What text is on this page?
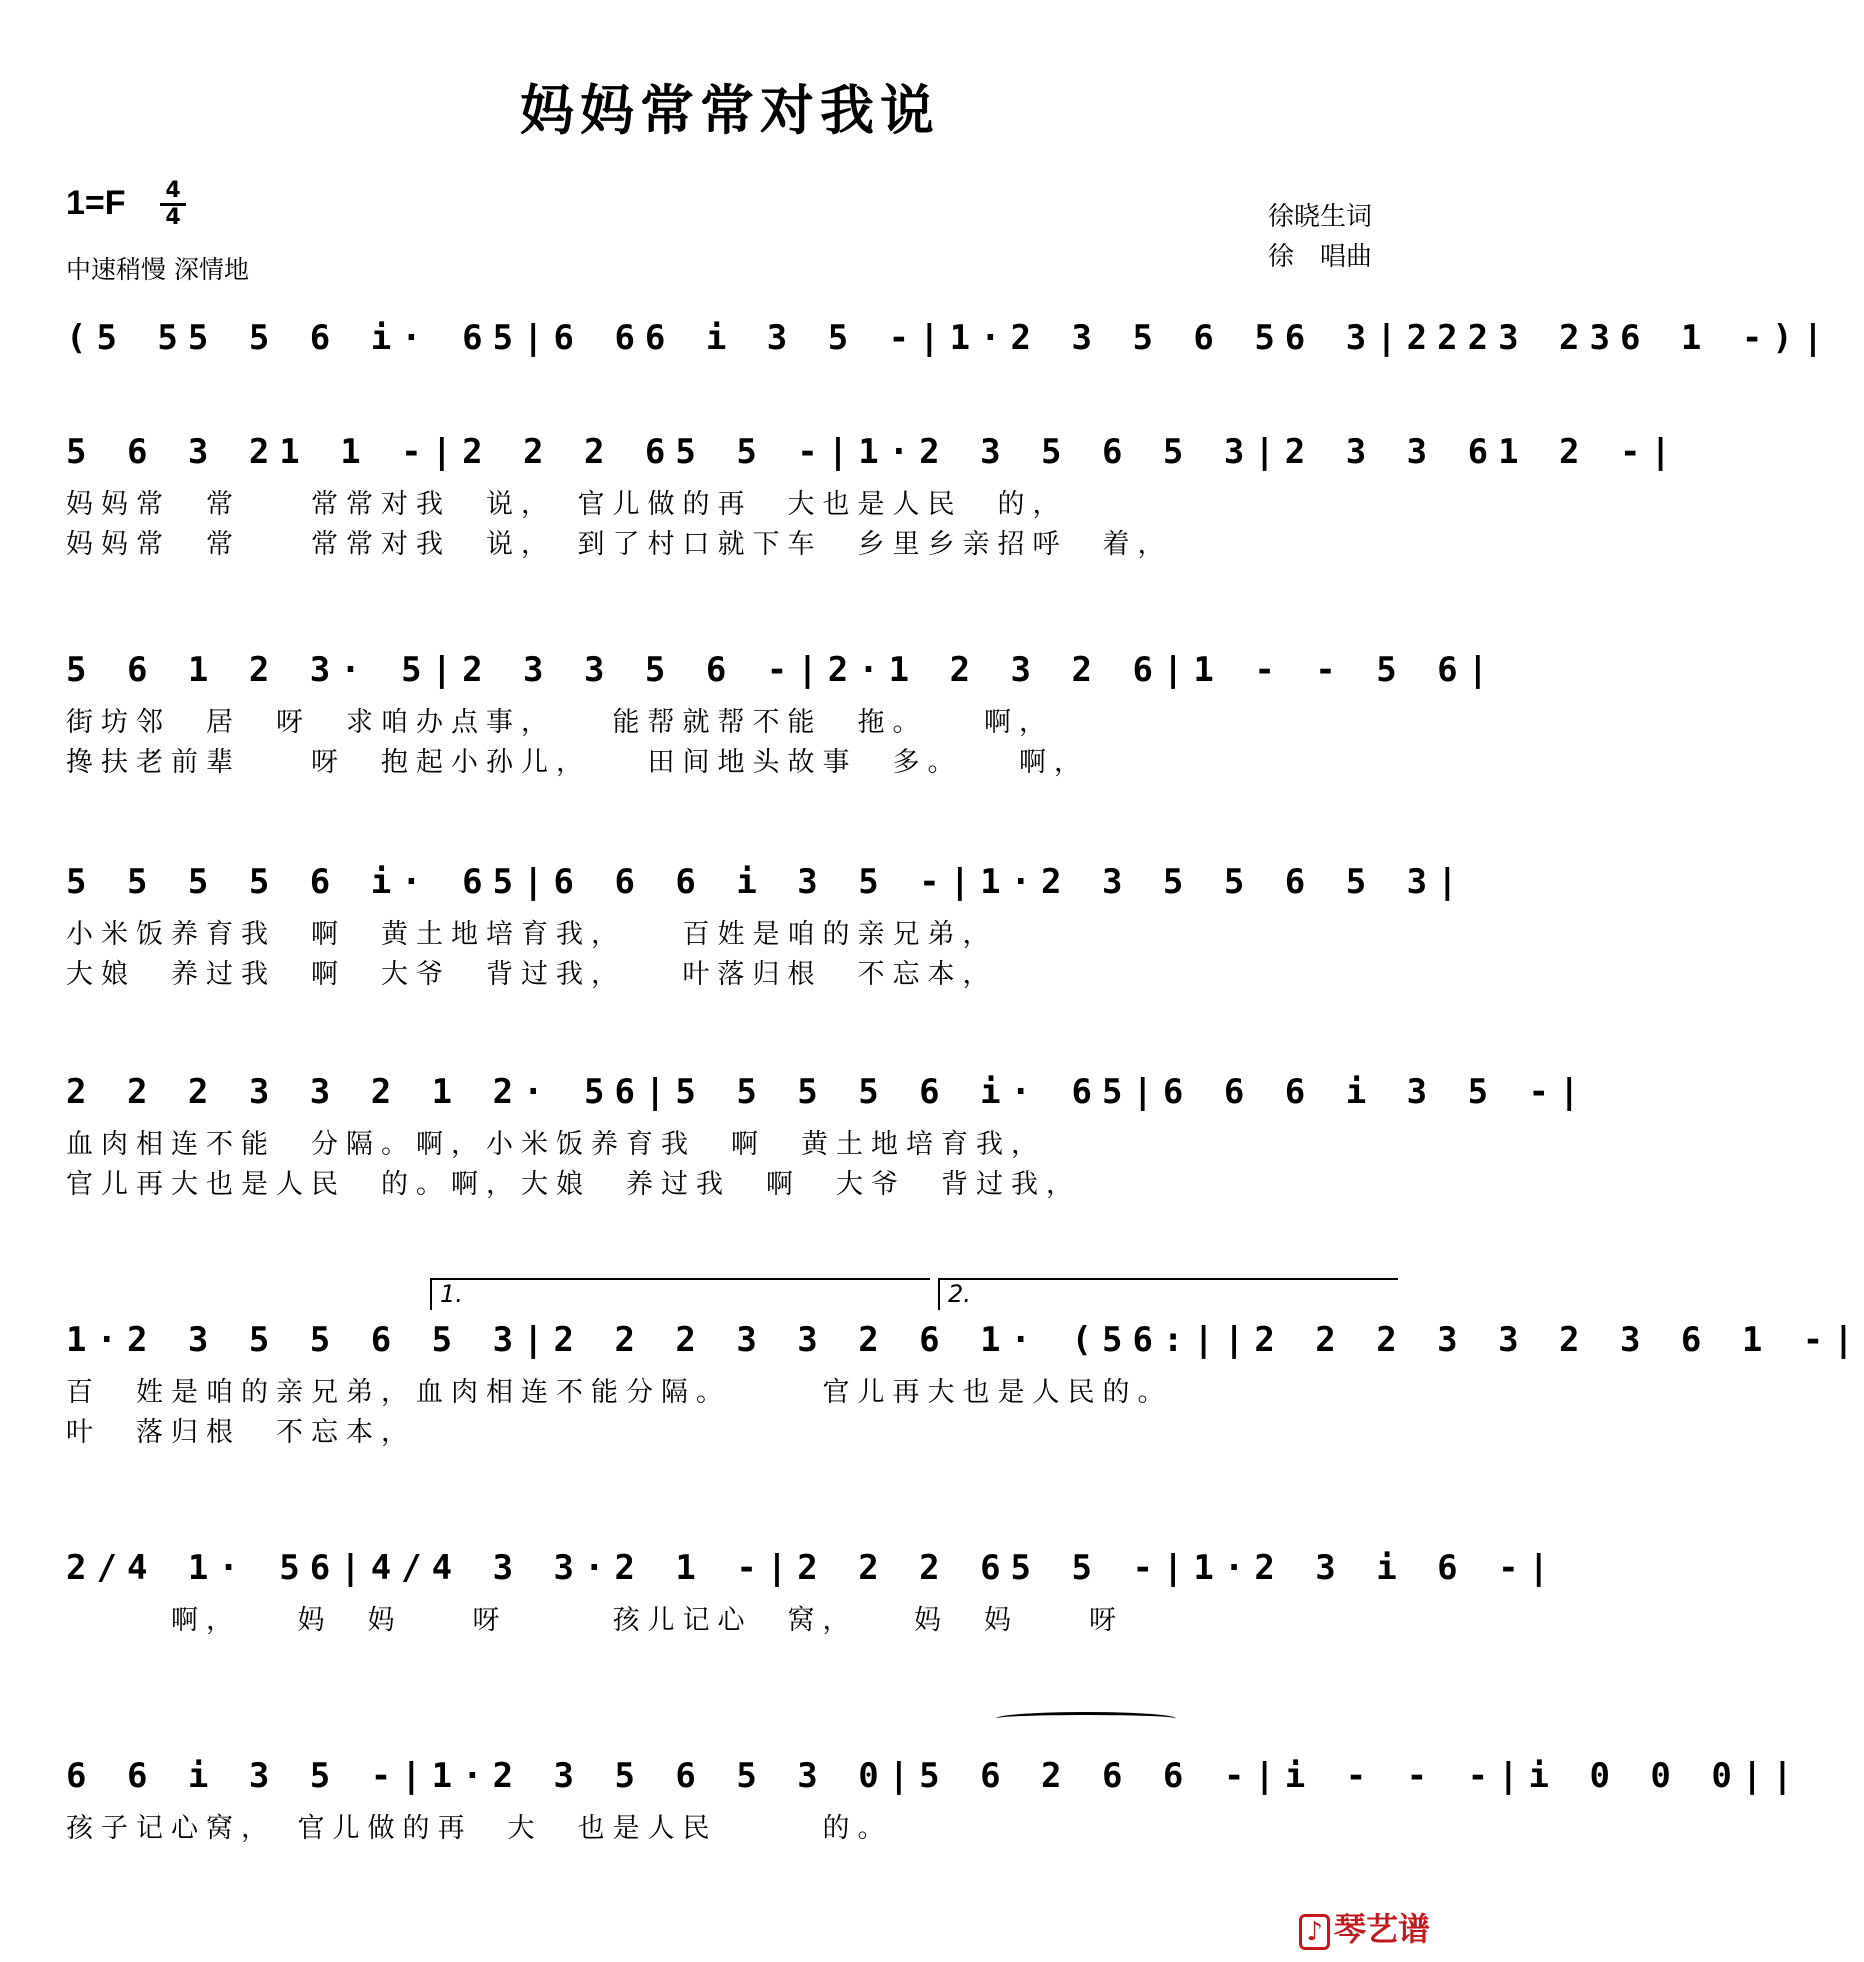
妈妈常常对我说
1=F 4
4
中速稍慢 深情地
徐晓生词
徐　唱曲
(5 55 5 6 i· 65|6 66 i 3 5 -|1·2 3 5 6 56 3|2223 236 1 -)|
5 6 3 21 1 -|2 2 2 65 5 -|1·2 3 5 6 5 3|2 3 3 61 2 -|
妈妈常　常　　常常对我　说，　官儿做的再　大也是人民　的，
妈妈常　常　　常常对我　说，　到了村口就下车　乡里乡亲招呼　着，
5 6 1 2 3· 5|2 3 3 5 6 -|2·1 2 3 2 6|1 - - 5 6|
街坊邻　居　呀　求咱办点事，　　能帮就帮不能　拖。　　啊，
搀扶老前辈　　呀　抱起小孙儿，　　田间地头故事　多。　　啊，
5 5 5 5 6 i· 65|6 6 6 i 3 5 -|1·2 3 5 5 6 5 3|
小米饭养育我　啊　黄土地培育我，　　百姓是咱的亲兄弟，
大娘　养过我　啊　大爷　背过我，　　叶落归根　不忘本，
2 2 2 3 3 2 1 2· 56|5 5 5 5 6 i· 65|6 6 6 i 3 5 -|
血肉相连不能　分隔。啊，小米饭养育我　啊　黄土地培育我，
官儿再大也是人民　的。啊，大娘　养过我　啊　大爷　背过我，
1.	2.
1·2 3 5 5 6 5 3|2 2 2 3 3 2 6 1· (56:||2 2 2 3 3 2 3 6 1 -|
百　姓是咱的亲兄弟，血肉相连不能分隔。　　　官儿再大也是人民的。
叶　落归根　不忘本，
2/4 1· 56|4/4 3 3·2 1 -|2 2 2 65 5 -|1·2 3 i 6 -|
　　　啊，　　妈　妈　　呀　　　孩儿记心　窝，　　妈　妈　　呀
6 6 i 3 5 -|1·2 3 5 6 5 3 0|5 6 2 6 6 -|i - - -|i 0 0 0||
孩子记心窝，　官儿做的再　大　也是人民　　　的。
♪ 琴艺谱
